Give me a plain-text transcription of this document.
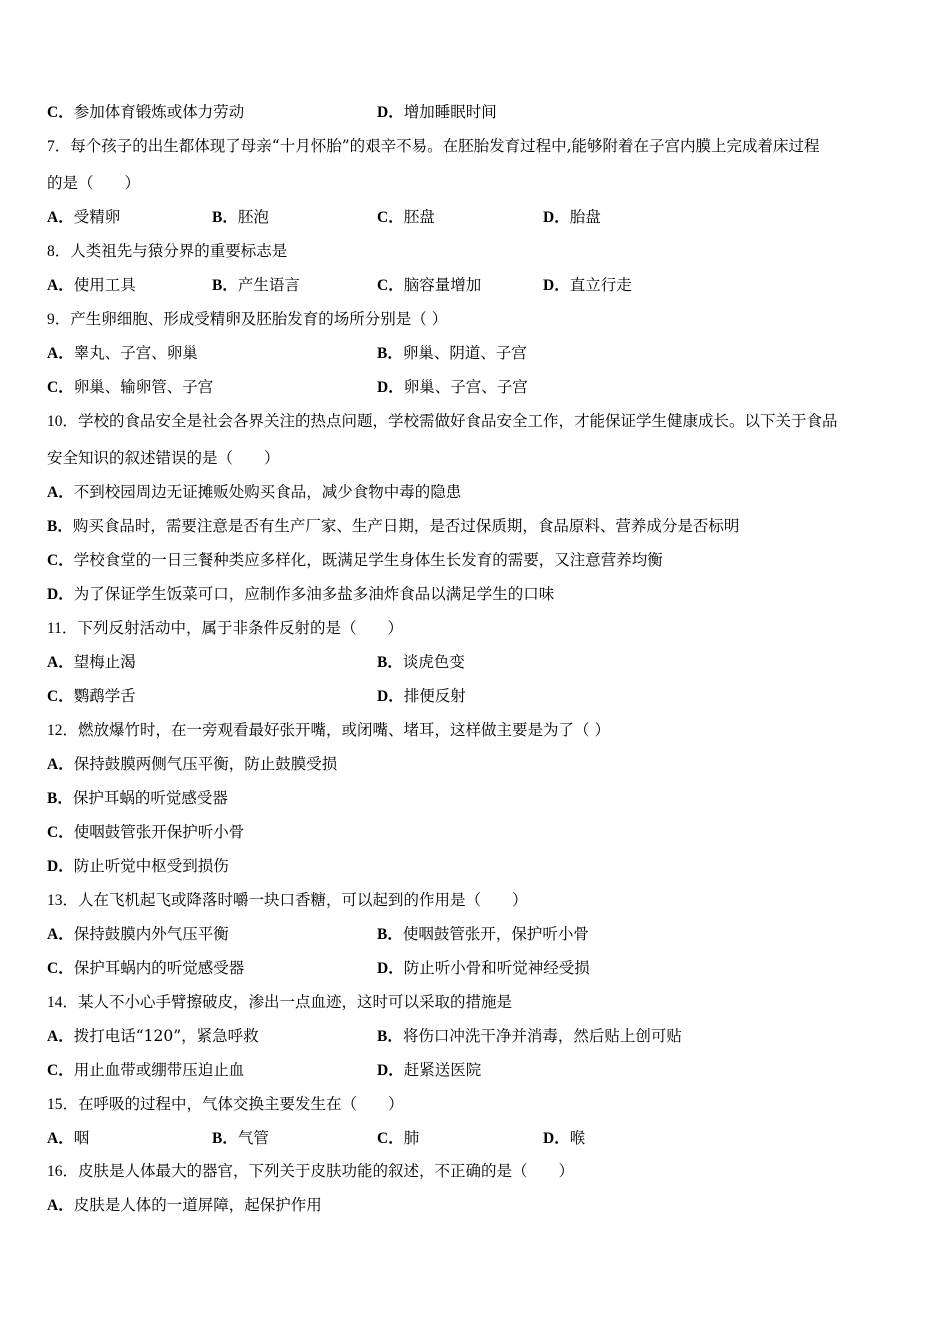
C．参加体育锻炼或体力劳动	D．增加睡眠时间
7．每个孩子的出生都体现了母亲“十月怀胎”的艰辛不易。在胚胎发育过程中,能够附着在子宫内膜上完成着床过程
的是（　　）
A．受精卵	B．胚泡	C．胚盘	D．胎盘
8．人类祖先与猿分界的重要标志是
A．使用工具	B．产生语言	C．脑容量增加	D．直立行走
9．产生卵细胞、形成受精卵及胚胎发育的场所分别是（ ）
A．睾丸、子宫、卵巢	B．卵巢、阴道、子宫
C．卵巢、输卵管、子宫	D．卵巢、子宫、子宫
10．学校的食品安全是社会各界关注的热点问题，学校需做好食品安全工作，才能保证学生健康成长。以下关于食品
安全知识的叙述错误的是（　　）
A．不到校园周边无证摊贩处购买食品，减少食物中毒的隐患
B．购买食品时，需要注意是否有生产厂家、生产日期，是否过保质期，食品原料、营养成分是否标明
C．学校食堂的一日三餐种类应多样化，既满足学生身体生长发育的需要，又注意营养均衡
D．为了保证学生饭菜可口，应制作多油多盐多油炸食品以满足学生的口味
11．下列反射活动中，属于非条件反射的是（　　）
A．望梅止渴	B．谈虎色变
C．鹦鹉学舌	D．排便反射
12．燃放爆竹时，在一旁观看最好张开嘴，或闭嘴、堵耳，这样做主要是为了（ ）
A．保持鼓膜两侧气压平衡，防止鼓膜受损
B．保护耳蜗的听觉感受器
C．使咽鼓管张开保护听小骨
D．防止听觉中枢受到损伤
13．人在飞机起飞或降落时嚼一块口香糖，可以起到的作用是（　　）
A．保持鼓膜内外气压平衡	B．使咽鼓管张开，保护听小骨
C．保护耳蜗内的听觉感受器	D．防止听小骨和听觉神经受损
14．某人不小心手臂擦破皮，渗出一点血迹，这时可以采取的措施是
A．拨打电话“120”，紧急呼救	B．将伤口冲洗干净并消毒，然后贴上创可贴
C．用止血带或绷带压迫止血	D．赶紧送医院
15．在呼吸的过程中，气体交换主要发生在（　　）
A．咽	B．气管	C．肺	D．喉
16．皮肤是人体最大的器官，下列关于皮肤功能的叙述，不正确的是（　　）
A．皮肤是人体的一道屏障，起保护作用
